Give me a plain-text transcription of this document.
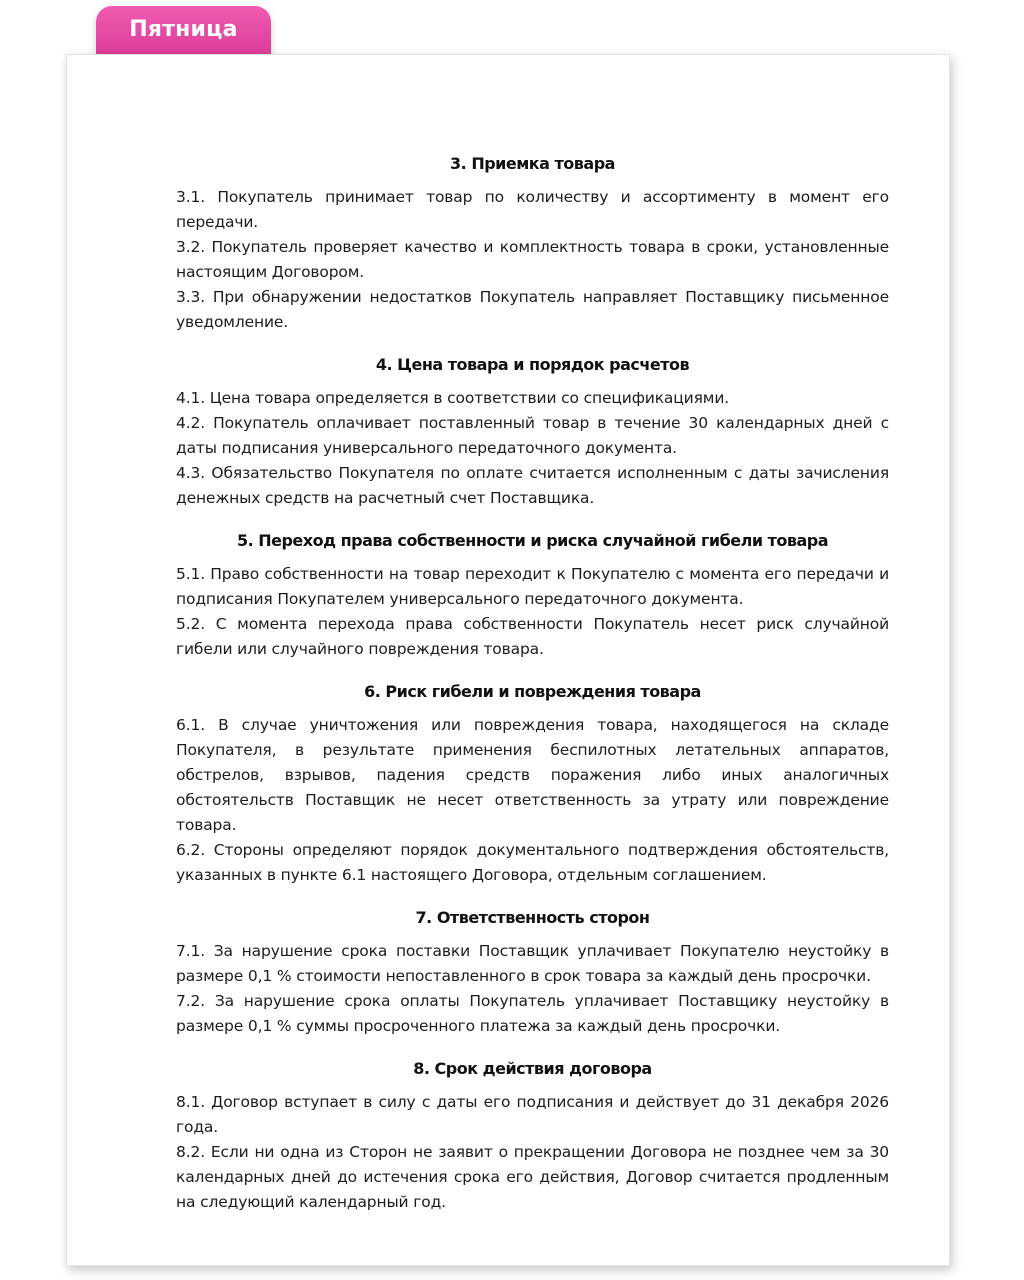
Пятница
3. Приемка товара

3.1. Покупатель принимает товар по количеству и ассортименту в момент его передачи.

3.2. Покупатель проверяет качество и комплектность товара в сроки, установленные настоящим Договором.

3.3. При обнаружении недостатков Покупатель направляет Поставщику письменное уведомление.

4. Цена товара и порядок расчетов

4.1. Цена товара определяется в соответствии со спецификациями.

4.2. Покупатель оплачивает поставленный товар в течение 30 календарных дней с даты подписания универсального передаточного документа.

4.3. Обязательство Покупателя по оплате считается исполненным с даты зачисления денежных средств на расчетный счет Поставщика.

5. Переход права собственности и риска случайной гибели товара

5.1. Право собственности на товар переходит к Покупателю с момента его передачи и подписания Покупателем универсального передаточного документа.

5.2. С момента перехода права собственности Покупатель несет риск случайной гибели или случайного повреждения товара.

6. Риск гибели и повреждения товара

6.1. В случае уничтожения или повреждения товара, находящегося на складе Покупателя, в результате применения беспилотных летательных аппаратов, обстрелов, взрывов, падения средств поражения либо иных аналогичных обстоятельств Поставщик не несет ответственность за утрату или повреждение товара.

6.2. Стороны определяют порядок документального подтверждения обстоятельств, указанных в пункте 6.1 настоящего Договора, отдельным соглашением.

7. Ответственность сторон

7.1. За нарушение срока поставки Поставщик уплачивает Покупателю неустойку в размере 0,1 % стоимости непоставленного в срок товара за каждый день просрочки.

7.2. За нарушение срока оплаты Покупатель уплачивает Поставщику неустойку в размере 0,1 % суммы просроченного платежа за каждый день просрочки.

8. Срок действия договора

8.1. Договор вступает в силу с даты его подписания и действует до 31 декабря 2026 года.

8.2. Если ни одна из Сторон не заявит о прекращении Договора не позднее чем за 30 календарных дней до истечения срока его действия, Договор считается продленным на следующий календарный год.
